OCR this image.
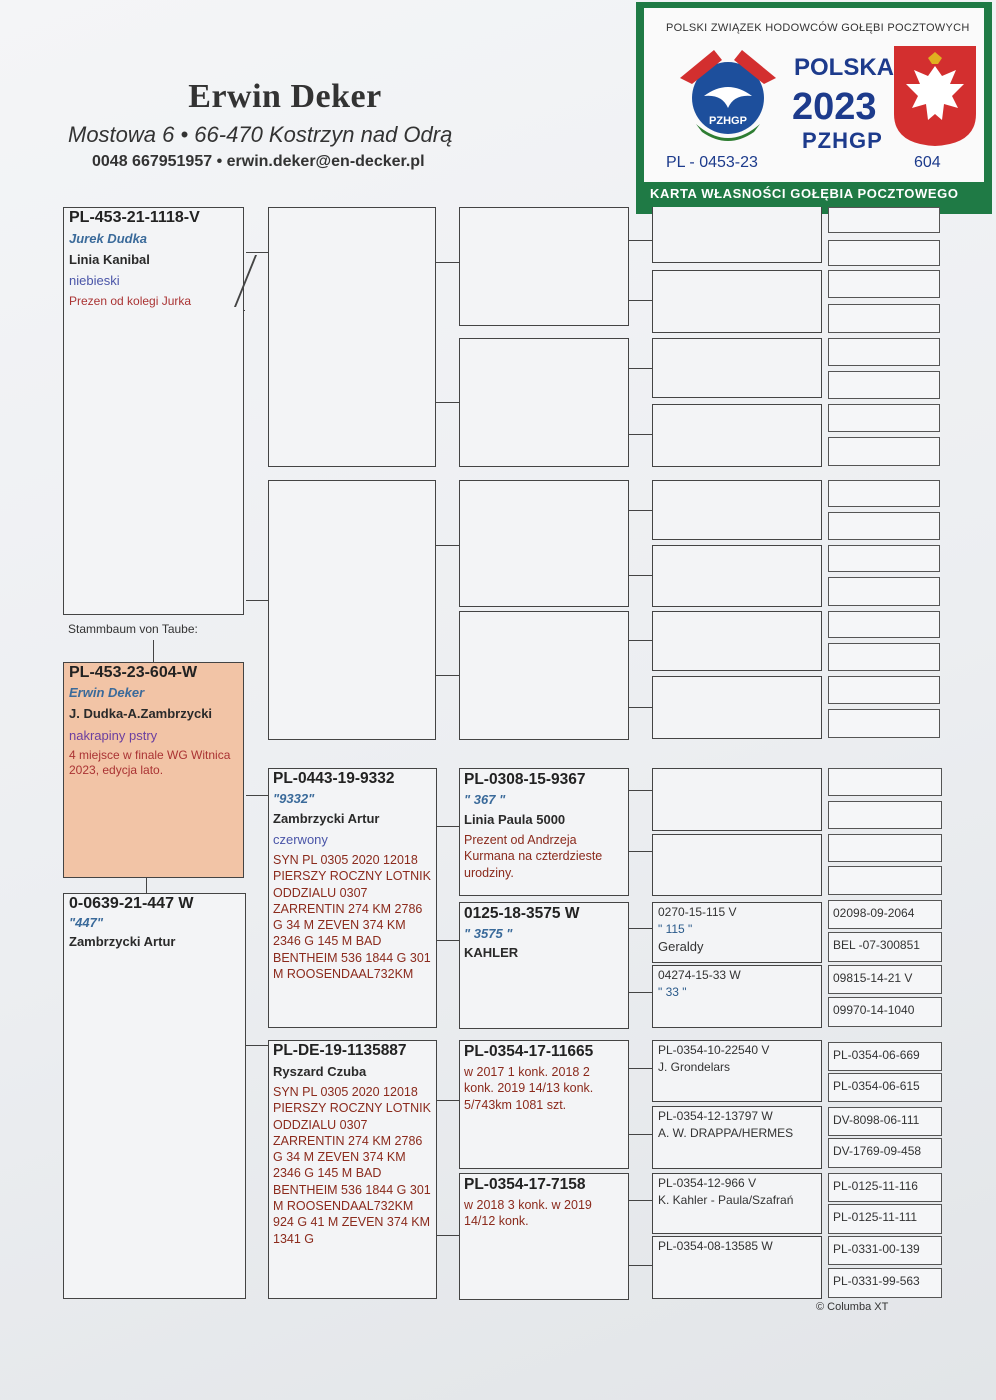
Erwin Deker
Mostowa 6 • 66-470 Kostrzyn nad Odrą
0048 667951957 • erwin.deker@en-decker.pl
POLSKI ZWIĄZEK HODOWCÓW GOŁĘBI POCZTOWYCH
PZHGP
POLSKA
2023
PZHGP
PL - 0453-23	604
KARTA WŁASNOŚCI GOŁĘBIA POCZTOWEGO
PL-453-21-1118-V
Jurek Dudka
Linia Kanibal
niebieski
Prezen od kolegi Jurka
Stammbaum von Taube:
PL-453-23-604-W
Erwin Deker
J. Dudka-A.Zambrzycki
nakrapiny pstry
4 miejsce w finale WG Witnica 2023, edycja lato.
0-0639-21-447 W
"447"
Zambrzycki Artur
PL-0443-19-9332
"9332"
Zambrzycki Artur
czerwony
SYN PL 0305 2020 12018 PIERSZY ROCZNY LOTNIK ODDZIALU 0307 ZARRENTIN 274 KM 2786 G 34 M ZEVEN 374 KM 2346 G 145 M BAD BENTHEIM 536 1844 G 301 M ROOSENDAAL732KM
PL-DE-19-1135887
Ryszard Czuba
SYN PL 0305 2020 12018 PIERSZY ROCZNY LOTNIK ODDZIALU 0307 ZARRENTIN 274 KM 2786 G 34 M ZEVEN 374 KM 2346 G 145 M BAD BENTHEIM 536 1844 G 301 M ROOSENDAAL732KM 924 G 41 M ZEVEN 374 KM 1341 G
PL-0308-15-9367
" 367 "
Linia Paula 5000
Prezent od Andrzeja Kurmana na czterdzieste urodziny.
0125-18-3575 W
" 3575 "
KAHLER
PL-0354-17-11665
w 2017 1 konk. 2018 2 konk. 2019 14/13 konk. 5/743km 1081 szt.
PL-0354-17-7158
w 2018 3 konk. w 2019 14/12 konk.
0270-15-115 V
" 115 "
Geraldy
04274-15-33 W
" 33 "
PL-0354-10-22540 V
J. Grondelars
PL-0354-12-13797 W
A. W. DRAPPA/HERMES
PL-0354-12-966 V
K. Kahler - Paula/Szafrań
PL-0354-08-13585 W
02098-09-2064
BEL -07-300851
09815-14-21 V
09970-14-1040
PL-0354-06-669
PL-0354-06-615
DV-8098-06-111
DV-1769-09-458
PL-0125-11-116
PL-0125-11-111
PL-0331-00-139
PL-0331-99-563
© Columba XT
